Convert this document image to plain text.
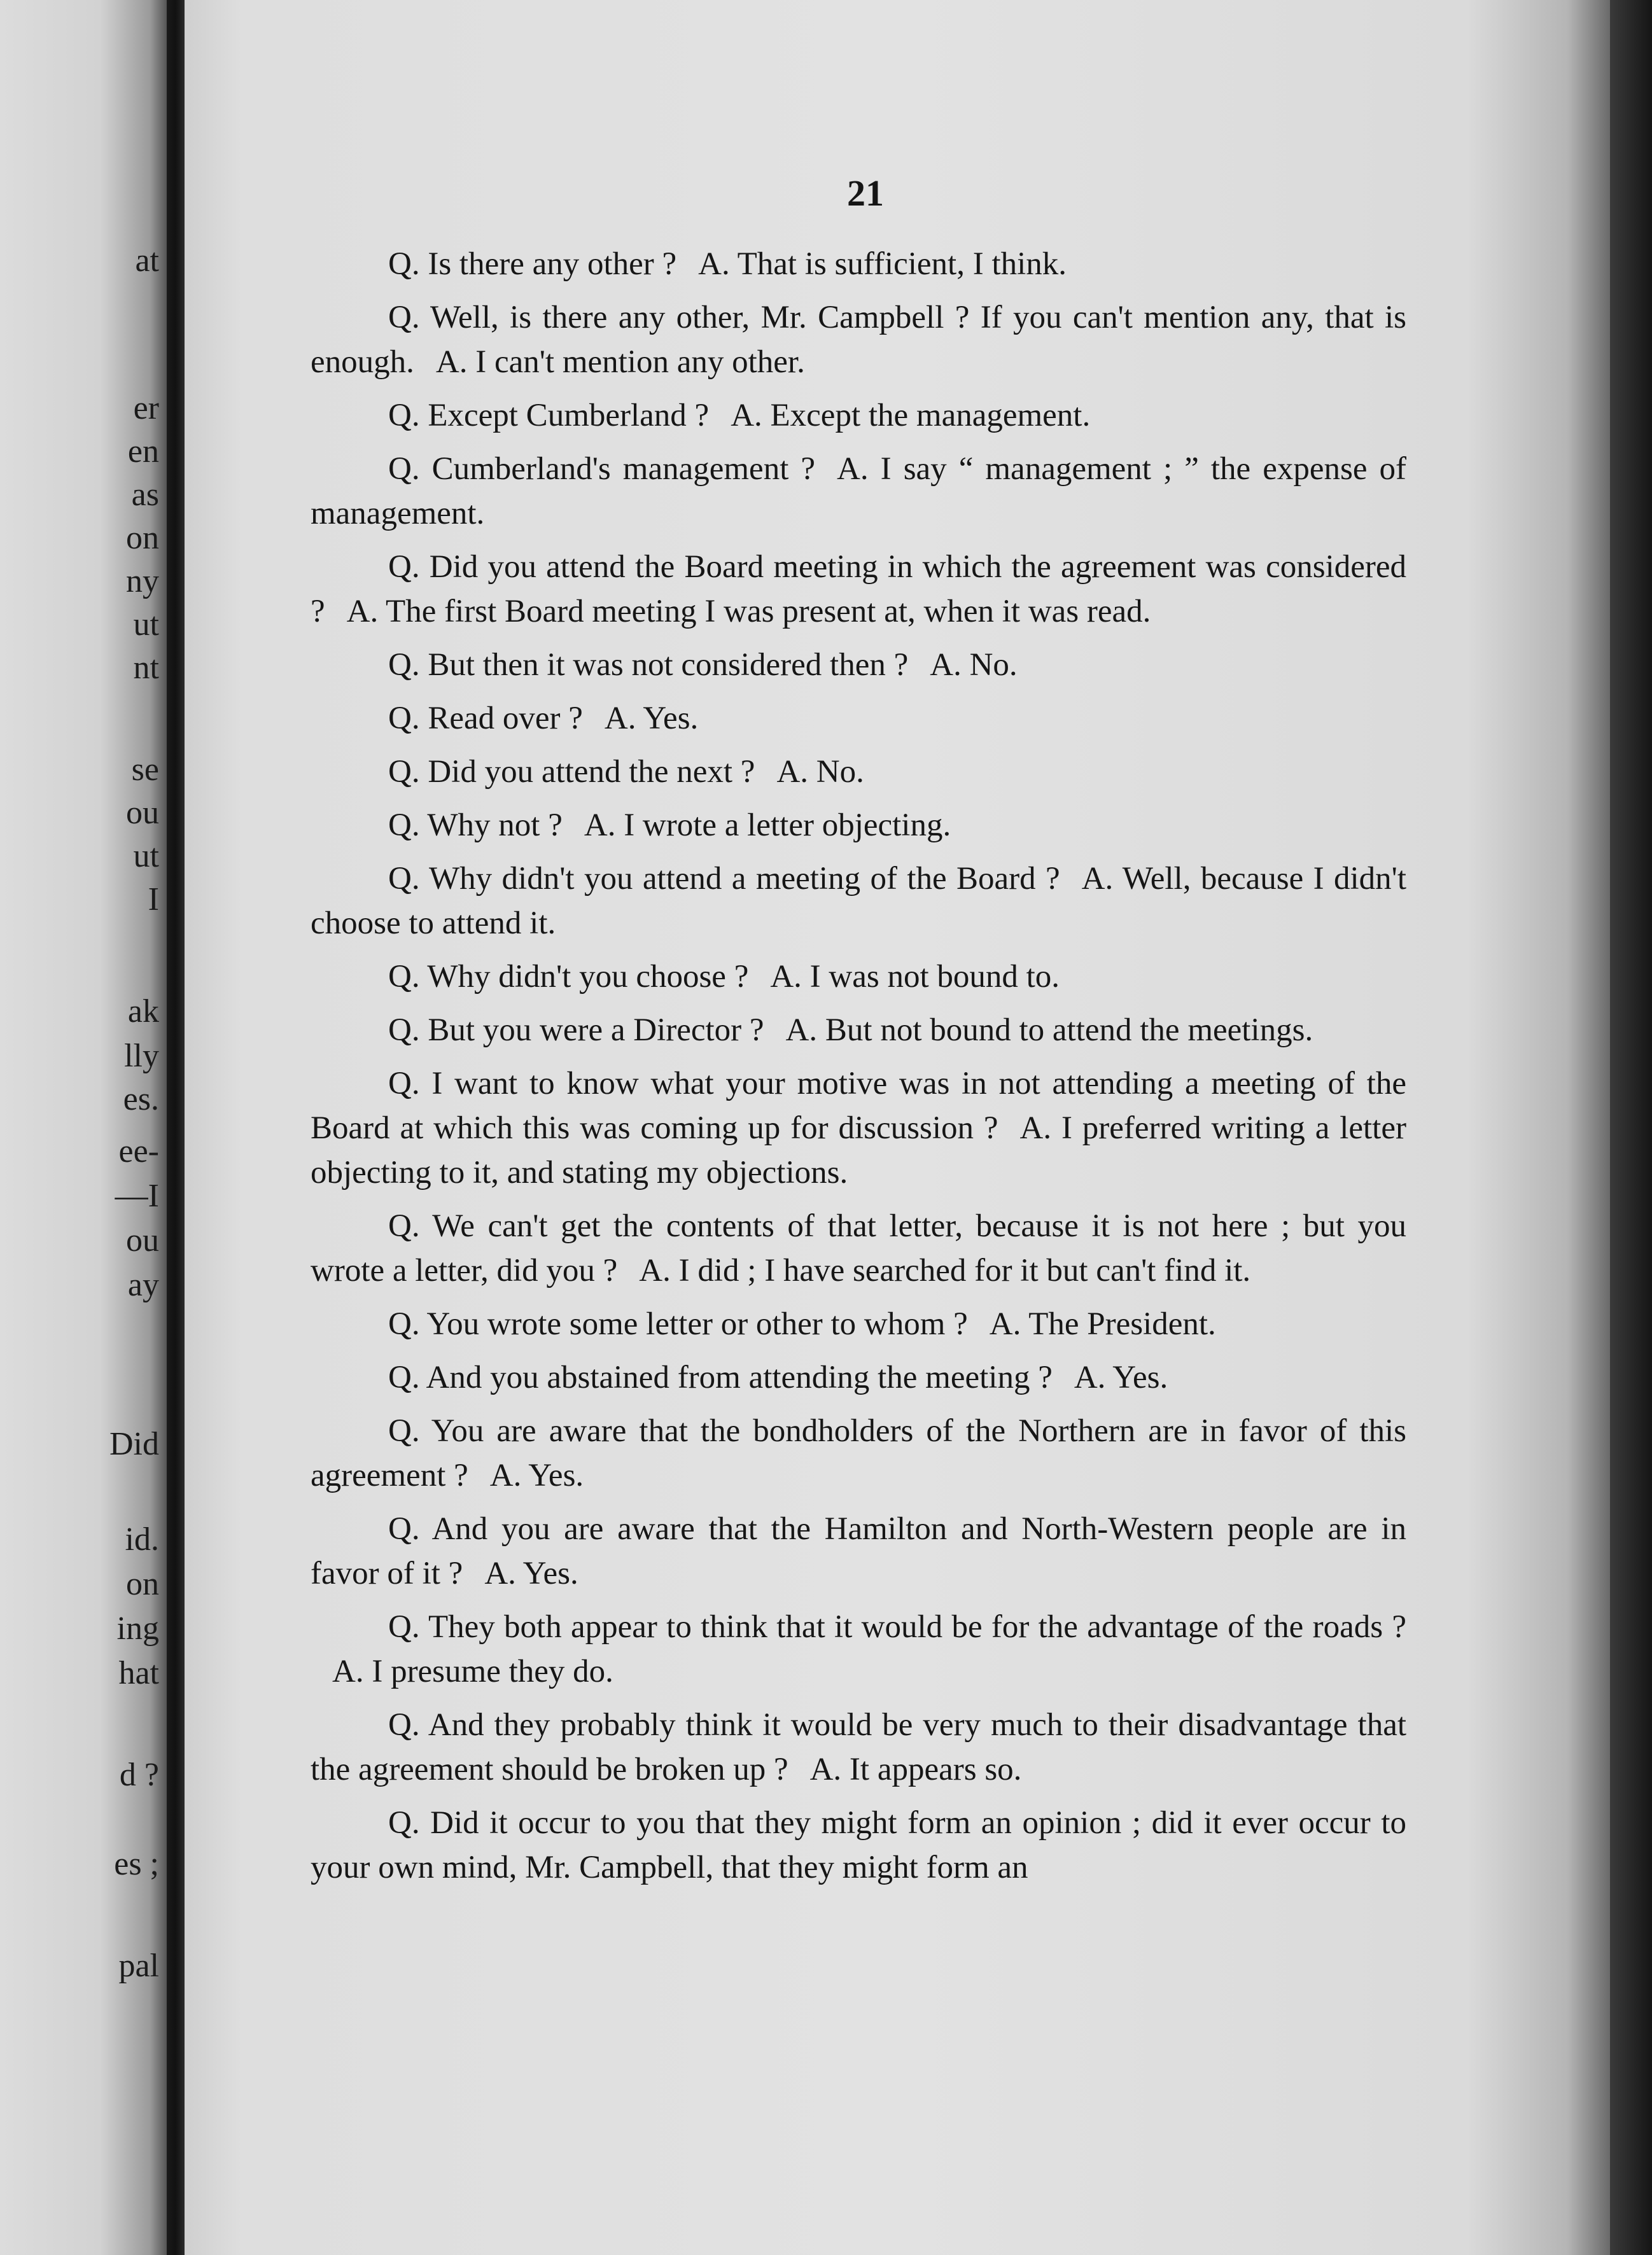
at
er
en
as
on
ny
ut
nt
se
ou
ut
I
ak
lly
es.
ee-
—I
ou
ay
Did
id.
on
ing
hat
d ?
es ;
pal
21

Q. Is there any other ? A. That is sufficient, I think.

Q. Well, is there any other, Mr. Campbell ? If you can't mention any, that is enough. A. I can't mention any other.

Q. Except Cumberland ? A. Except the management.

Q. Cumberland's management ? A. I say “ management ; ” the expense of management.

Q. Did you attend the Board meeting in which the agreement was considered ? A. The first Board meeting I was present at, when it was read.

Q. But then it was not considered then ? A. No.

Q. Read over ? A. Yes.

Q. Did you attend the next ? A. No.

Q. Why not ? A. I wrote a letter objecting.

Q. Why didn't you attend a meeting of the Board ? A. Well, because I didn't choose to attend it.

Q. Why didn't you choose ? A. I was not bound to.

Q. But you were a Director ? A. But not bound to attend the meetings.

Q. I want to know what your motive was in not attending a meeting of the Board at which this was coming up for discussion ? A. I preferred writing a letter objecting to it, and stating my objections.

Q. We can't get the contents of that letter, because it is not here ; but you wrote a letter, did you ? A. I did ; I have searched for it but can't find it.

Q. You wrote some letter or other to whom ? A. The President.

Q. And you abstained from attending the meeting ? A. Yes.

Q. You are aware that the bondholders of the Northern are in favor of this agreement ? A. Yes.

Q. And you are aware that the Hamilton and North-Western people are in favor of it ? A. Yes.

Q. They both appear to think that it would be for the advantage of the roads ?A. I presume they do.

Q. And they probably think it would be very much to their disadvantage that the agreement should be broken up ? A. It appears so.

Q. Did it occur to you that they might form an opinion ; did it ever occur to your own mind, Mr. Campbell, that they might form an
